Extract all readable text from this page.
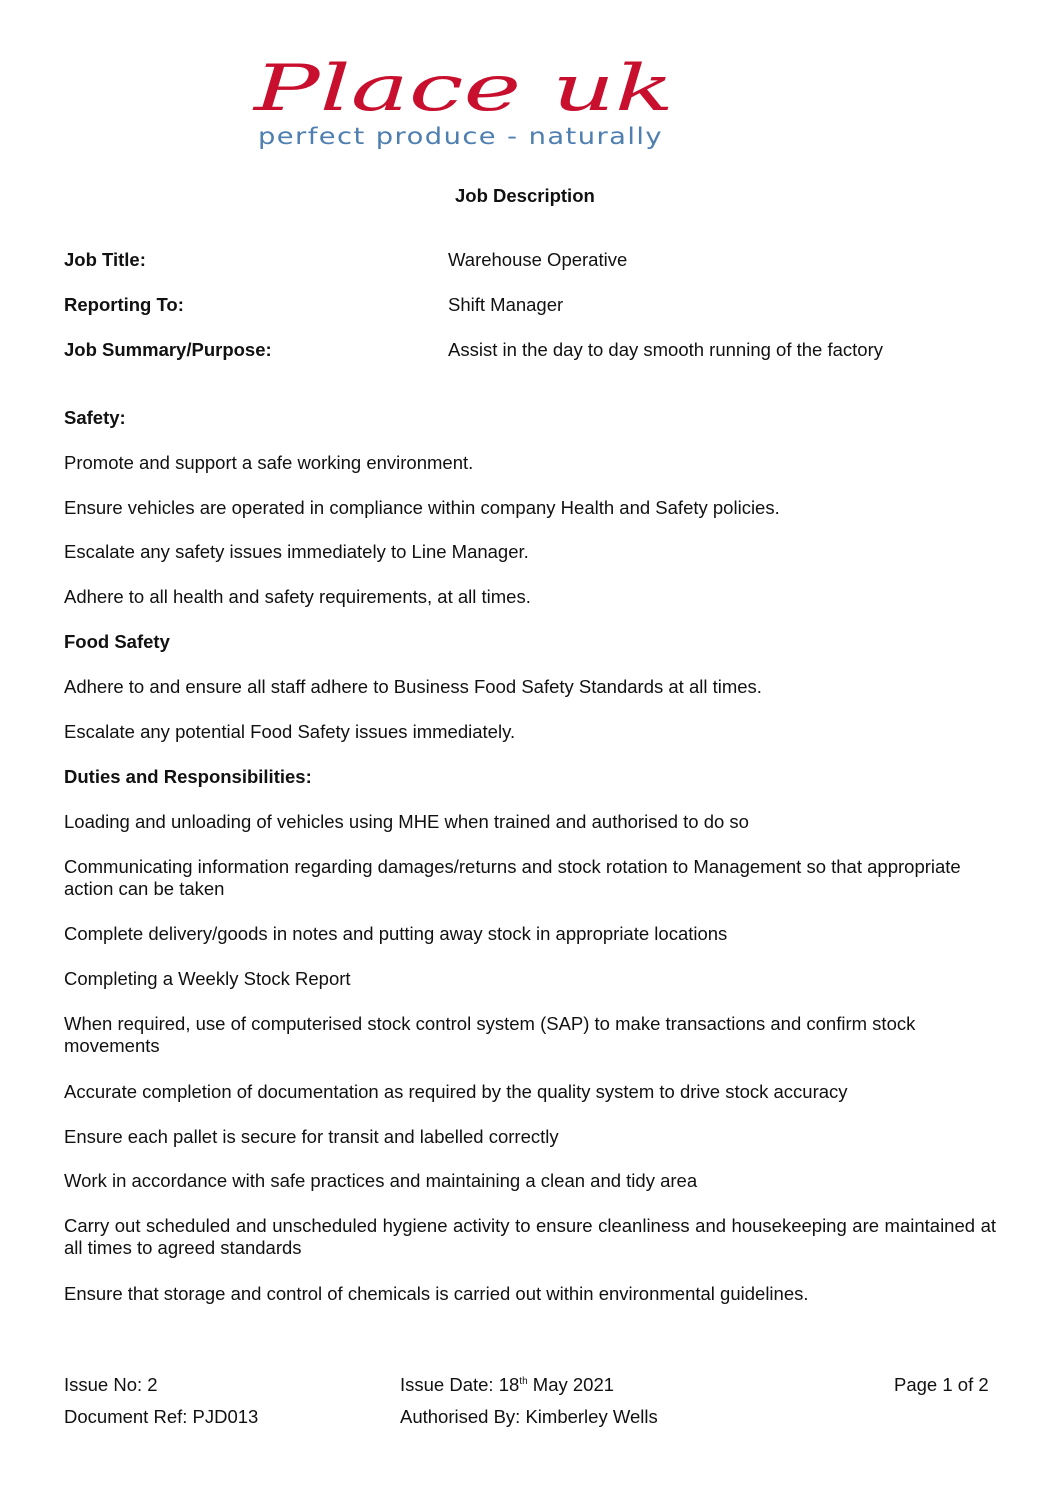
Place uk
perfect produce - naturally
Job Description
Job Title:	Warehouse Operative
Reporting To:	Shift Manager
Job Summary/Purpose:	Assist in the day to day smooth running of the factory
Safety:
Promote and support a safe working environment.
Ensure vehicles are operated in compliance within company Health and Safety policies.
Escalate any safety issues immediately to Line Manager.
Adhere to all health and safety requirements, at all times.
Food Safety
Adhere to and ensure all staff adhere to Business Food Safety Standards at all times.
Escalate any potential Food Safety issues immediately.
Duties and Responsibilities:
Loading and unloading of vehicles using MHE when trained and authorised to do so
Communicating information regarding damages/returns and stock rotation to Management so that appropriate action can be taken
Complete delivery/goods in notes and putting away stock in appropriate locations
Completing a Weekly Stock Report
When required, use of computerised stock control system (SAP) to make transactions and confirm stock movements
Accurate completion of documentation as required by the quality system to drive stock accuracy
Ensure each pallet is secure for transit and labelled correctly
Work in accordance with safe practices and maintaining a clean and tidy area
Carry out scheduled and unscheduled hygiene activity to ensure cleanliness and housekeeping are maintained at all times to agreed standards
Ensure that storage and control of chemicals is carried out within environmental guidelines.
Issue No: 2	Issue Date: 18th May 2021	Page 1 of 2
Document Ref: PJD013	Authorised By: Kimberley Wells
